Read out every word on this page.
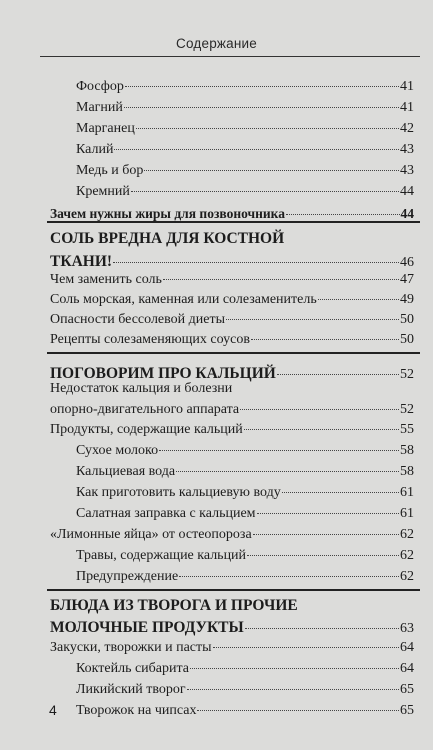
Содержание
Фосфор	41
Магний	41
Марганец	42
Калий	43
Медь и бор	43
Кремний	44
Зачем нужны жиры для позвоночника	44
СОЛЬ ВРЕДНА ДЛЯ КОСТНОЙ
ТКАНИ!	46
Чем заменить соль	47
Соль морская, каменная или солезаменитель	49
Опасности бессолевой диеты	50
Рецепты солезаменяющих соусов	50
ПОГОВОРИМ ПРО КАЛЬЦИЙ	52
Недостаток кальция и болезни
опорно-двигательного аппарата	52
Продукты, содержащие кальций	55
Сухое молоко	58
Кальциевая вода	58
Как приготовить кальциевую воду	61
Салатная заправка с кальцием	61
«Лимонные яйца» от остеопороза	62
Травы, содержащие кальций	62
Предупреждение	62
БЛЮДА ИЗ ТВОРОГА И ПРОЧИЕ
МОЛОЧНЫЕ ПРОДУКТЫ	63
Закуски, творожки и пасты	64
Коктейль сибарита	64
Ликийский творог	65
Творожок на чипсах	65
4
